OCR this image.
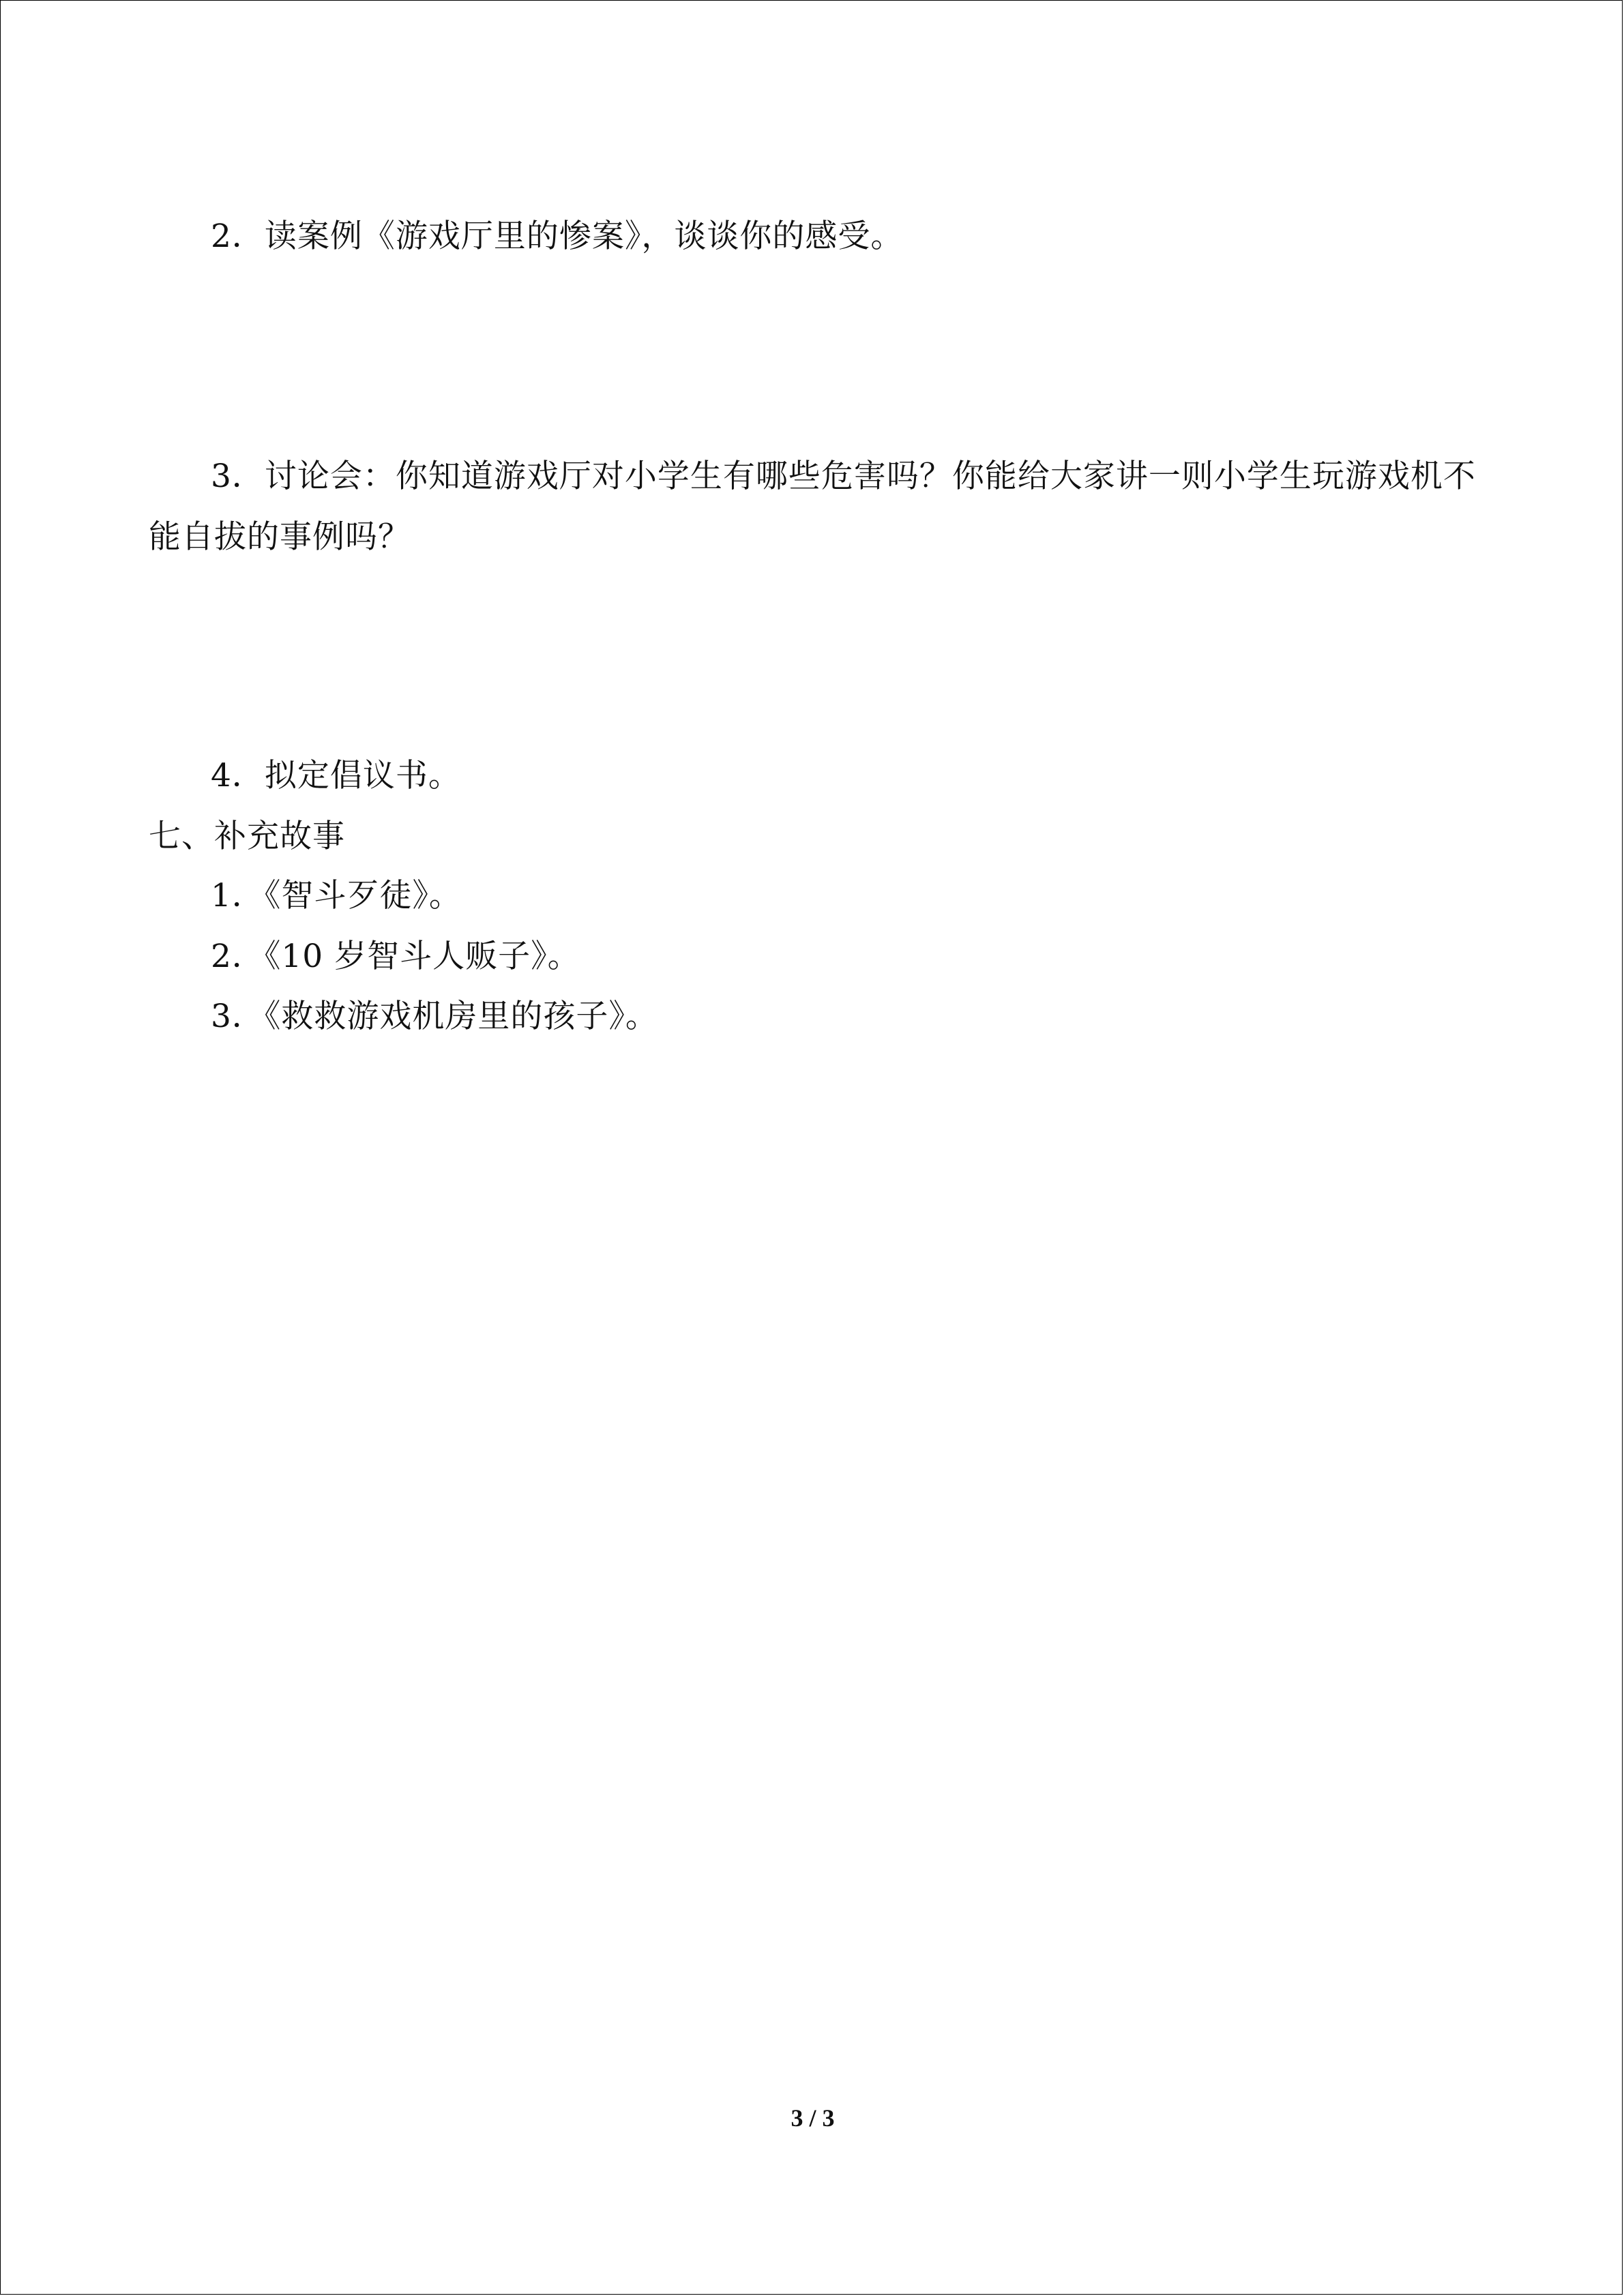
2．读案例《游戏厅里的惨案》，谈谈你的感受。
3．讨论会：你知道游戏厅对小学生有哪些危害吗？你能给大家讲一则小学生玩游戏机不
能自拔的事例吗？
4．拟定倡议书。
七、补充故事
1．《智斗歹徒》。
2．《10 岁智斗人贩子》。
3．《救救游戏机房里的孩子》。
3 / 3
